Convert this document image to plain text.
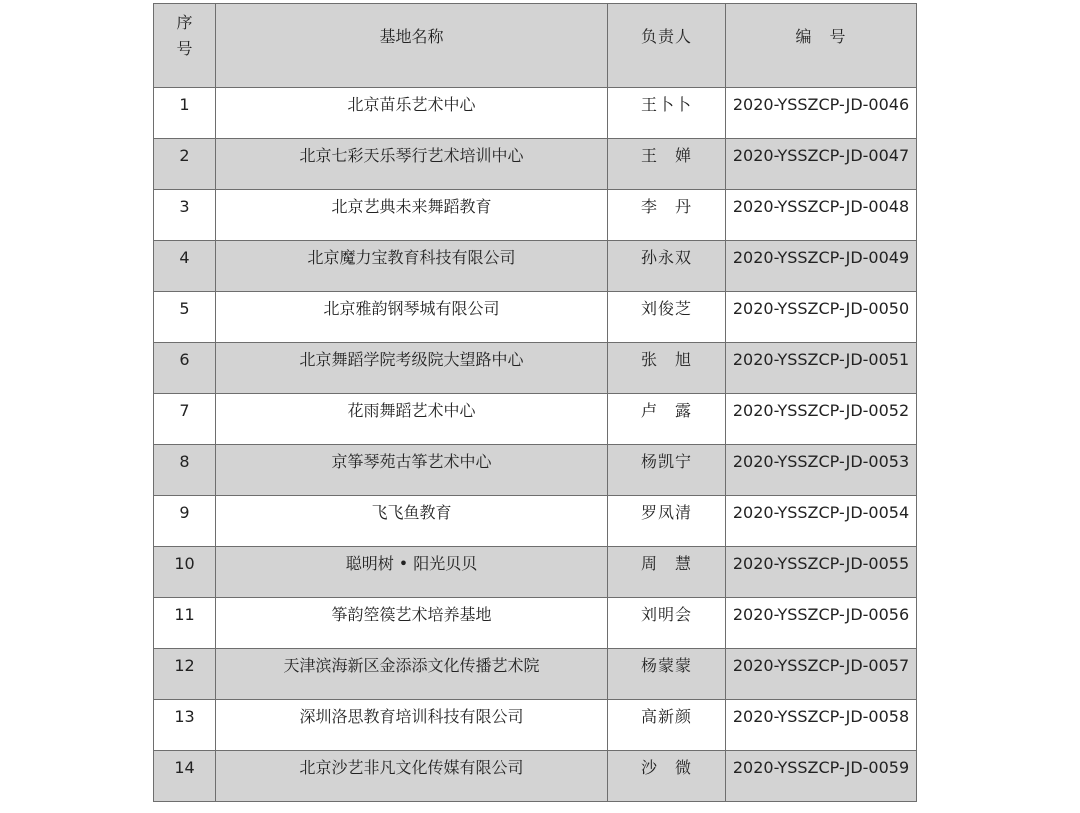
序
号	基地名称	负责人	编　号

1	北京苗乐艺术中心	王卜卜	2020-YSSZCP-JD-0046

2	北京七彩天乐琴行艺术培训中心	王　婵	2020-YSSZCP-JD-0047

3	北京艺典未来舞蹈教育	李　丹	2020-YSSZCP-JD-0048

4	北京魔力宝教育科技有限公司	孙永双	2020-YSSZCP-JD-0049

5	北京雅韵钢琴城有限公司	刘俊芝	2020-YSSZCP-JD-0050

6	北京舞蹈学院考级院大望路中心	张　旭	2020-YSSZCP-JD-0051

7	花雨舞蹈艺术中心	卢　露	2020-YSSZCP-JD-0052

8	京筝琴苑古筝艺术中心	杨凯宁	2020-YSSZCP-JD-0053

9	飞飞鱼教育	罗凤清	2020-YSSZCP-JD-0054

10	聪明树 • 阳光贝贝	周　慧	2020-YSSZCP-JD-0055

11	筝韵箜篌艺术培养基地	刘明会	2020-YSSZCP-JD-0056

12	天津滨海新区金添添文化传播艺术院	杨蒙蒙	2020-YSSZCP-JD-0057

13	深圳洛思教育培训科技有限公司	高新颜	2020-YSSZCP-JD-0058

14	北京沙艺非凡文化传媒有限公司	沙　微	2020-YSSZCP-JD-0059
